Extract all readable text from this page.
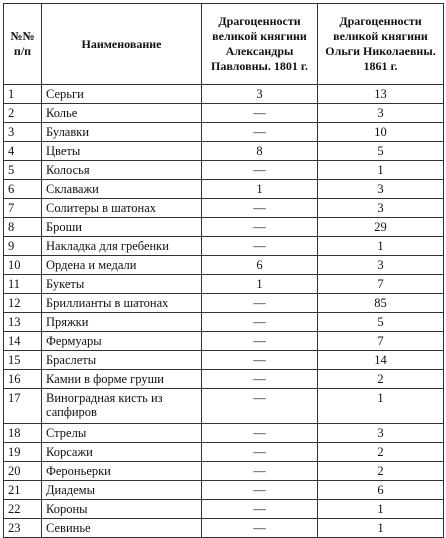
№№ п/п	Наименование	Драгоценности великой княгини Александры Павловны. 1801 г.	Драгоценности великой княгини Ольги Николаевны. 1861 г.
1	Серьги	3	13
2	Колье	—	3
3	Булавки	—	10
4	Цветы	8	5
5	Колосья	—	1
6	Склаважи	1	3
7	Солитеры в шатонах	—	3
8	Броши	—	29
9	Накладка для гребенки	—	1
10	Ордена и медали	6	3
11	Букеты	1	7
12	Бриллианты в шатонах	—	85
13	Пряжки	—	5
14	Фермуары	—	7
15	Браслеты	—	14
16	Камни в форме груши	—	2
17	Виноградная кисть из сапфиров	—	1
18	Стрелы	—	3
19	Корсажи	—	2
20	Фероньерки	—	2
21	Диадемы	—	6
22	Короны	—	1
23	Севинье	—	1
